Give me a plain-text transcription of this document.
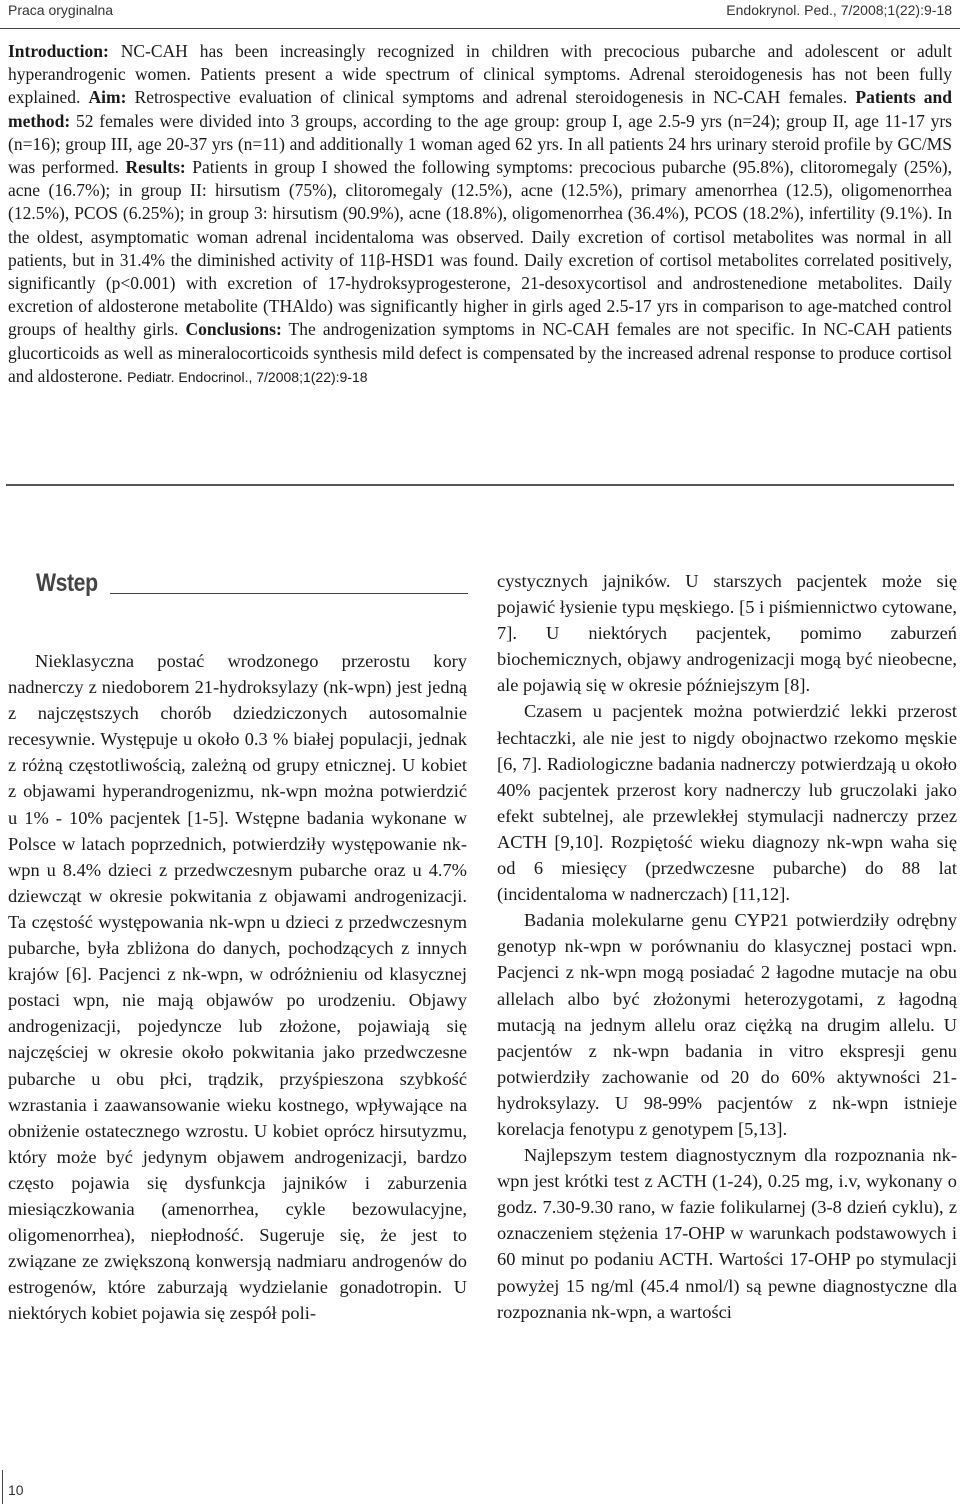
Praca oryginalna	Endokrynol. Ped., 7/2008;1(22):9-18
Introduction: NC-CAH has been increasingly recognized in children with precocious pubarche and adolescent or adult hyperandrogenic women. Patients present a wide spectrum of clinical symptoms. Adrenal steroidogenesis has not been fully explained. Aim: Retrospective evaluation of clinical symptoms and adrenal steroidogenesis in NC-CAH females. Patients and method: 52 females were divided into 3 groups, according to the age group: group I, age 2.5-9 yrs (n=24); group II, age 11-17 yrs (n=16); group III, age 20-37 yrs (n=11) and additionally 1 woman aged 62 yrs. In all patients 24 hrs urinary steroid profile by GC/MS was performed. Results: Patients in group I showed the following symptoms: precocious pubarche (95.8%), clitoromegaly (25%), acne (16.7%); in group II: hirsutism (75%), clitoromegaly (12.5%), acne (12.5%), primary amenorrhea (12.5), oligomenorrhea (12.5%), PCOS (6.25%); in group 3: hirsutism (90.9%), acne (18.8%), oligomenorrhea (36.4%), PCOS (18.2%), infertility (9.1%). In the oldest, asymptomatic woman adrenal incidentaloma was observed. Daily excretion of cortisol metabolites was normal in all patients, but in 31.4% the diminished activity of 11β-HSD1 was found. Daily excretion of cortisol metabolites correlated positively, significantly (p<0.001) with excretion of 17-hydroksyprogesterone, 21-desoxycortisol and androstenedione metabolites. Daily excretion of aldosterone metabolite (THAldo) was significantly higher in girls aged 2.5-17 yrs in comparison to age-matched control groups of healthy girls. Conclusions: The androgenization symptoms in NC-CAH females are not specific. In NC-CAH patients glucorticoids as well as mineralocorticoids synthesis mild defect is compensated by the increased adrenal response to produce cortisol and aldosterone. Pediatr. Endocrinol., 7/2008;1(22):9-18
Wstep

Nieklasyczna postać wrodzonego przerostu kory nadnerczy z niedoborem 21-hydroksylazy (nk-wpn) jest jedną z najczęstszych chorób dziedziczonych autosomalnie recesywnie. Występuje u około 0.3 % białej populacji, jednak z różną częstotliwością, zależną od grupy etnicznej. U kobiet z objawami hyperandrogenizmu, nk-wpn można potwierdzić u 1% - 10% pacjentek [1-5]. Wstępne badania wykonane w Polsce w latach poprzednich, potwierdziły występowanie nk-wpn u 8.4% dzieci z przedwczesnym pubarche oraz u 4.7% dziewcząt w okresie pokwitania z objawami androgenizacji. Ta częstość występowania nk-wpn u dzieci z przedwczesnym pubarche, była zbliżona do danych, pochodzących z innych krajów [6]. Pacjenci z nk-wpn, w odróżnieniu od klasycznej postaci wpn, nie mają objawów po urodzeniu. Objawy androgenizacji, pojedyncze lub złożone, pojawiają się najczęściej w okresie około pokwitania jako przedwczesne pubarche u obu płci, trądzik, przyśpieszona szybkość wzrastania i zaawansowanie wieku kostnego, wpływające na obniżenie ostatecznego wzrostu. U kobiet oprócz hirsutyzmu, który może być jedynym objawem androgenizacji, bardzo często pojawia się dysfunkcja jajników i zaburzenia miesiączkowania (amenorrhea, cykle bezowulacyjne, oligomenorrhea), niepłodność. Sugeruje się, że jest to związane ze zwiększoną konwersją nadmiaru androgenów do estrogenów, które zaburzają wydzielanie gonadotropin. U niektórych kobiet pojawia się zespół poli-

cystycznych jajników. U starszych pacjentek może się pojawić łysienie typu męskiego. [5 i piśmiennictwo cytowane, 7]. U niektórych pacjentek, pomimo zaburzeń biochemicznych, objawy androgenizacji mogą być nieobecne, ale pojawią się w okresie późniejszym [8].

Czasem u pacjentek można potwierdzić lekki przerost łechtaczki, ale nie jest to nigdy obojnactwo rzekomo męskie [6, 7]. Radiologiczne badania nadnerczy potwierdzają u około 40% pacjentek przerost kory nadnerczy lub gruczolaki jako efekt subtelnej, ale przewlekłej stymulacji nadnerczy przez ACTH [9,10]. Rozpiętość wieku diagnozy nk-wpn waha się od 6 miesięcy (przedwczesne pubarche) do 88 lat (incidentaloma w nadnerczach) [11,12].

Badania molekularne genu CYP21 potwierdziły odrębny genotyp nk-wpn w porównaniu do klasycznej postaci wpn. Pacjenci z nk-wpn mogą posiadać 2 łagodne mutacje na obu allelach albo być złożonymi heterozygotami, z łagodną mutacją na jednym allelu oraz ciężką na drugim allelu. U pacjentów z nk-wpn badania in vitro ekspresji genu potwierdziły zachowanie od 20 do 60% aktywności 21-hydroksylazy. U 98-99% pacjentów z nk-wpn istnieje korelacja fenotypu z genotypem [5,13].

Najlepszym testem diagnostycznym dla rozpoznania nk-wpn jest krótki test z ACTH (1-24), 0.25 mg, i.v, wykonany o godz. 7.30-9.30 rano, w fazie folikularnej (3-8 dzień cyklu), z oznaczeniem stężenia 17-OHP w warunkach podstawowych i 60 minut po podaniu ACTH. Wartości 17-OHP po stymulacji powyżej 15 ng/ml (45.4 nmol/l) są pewne diagnostyczne dla rozpoznania nk-wpn, a wartości

10
